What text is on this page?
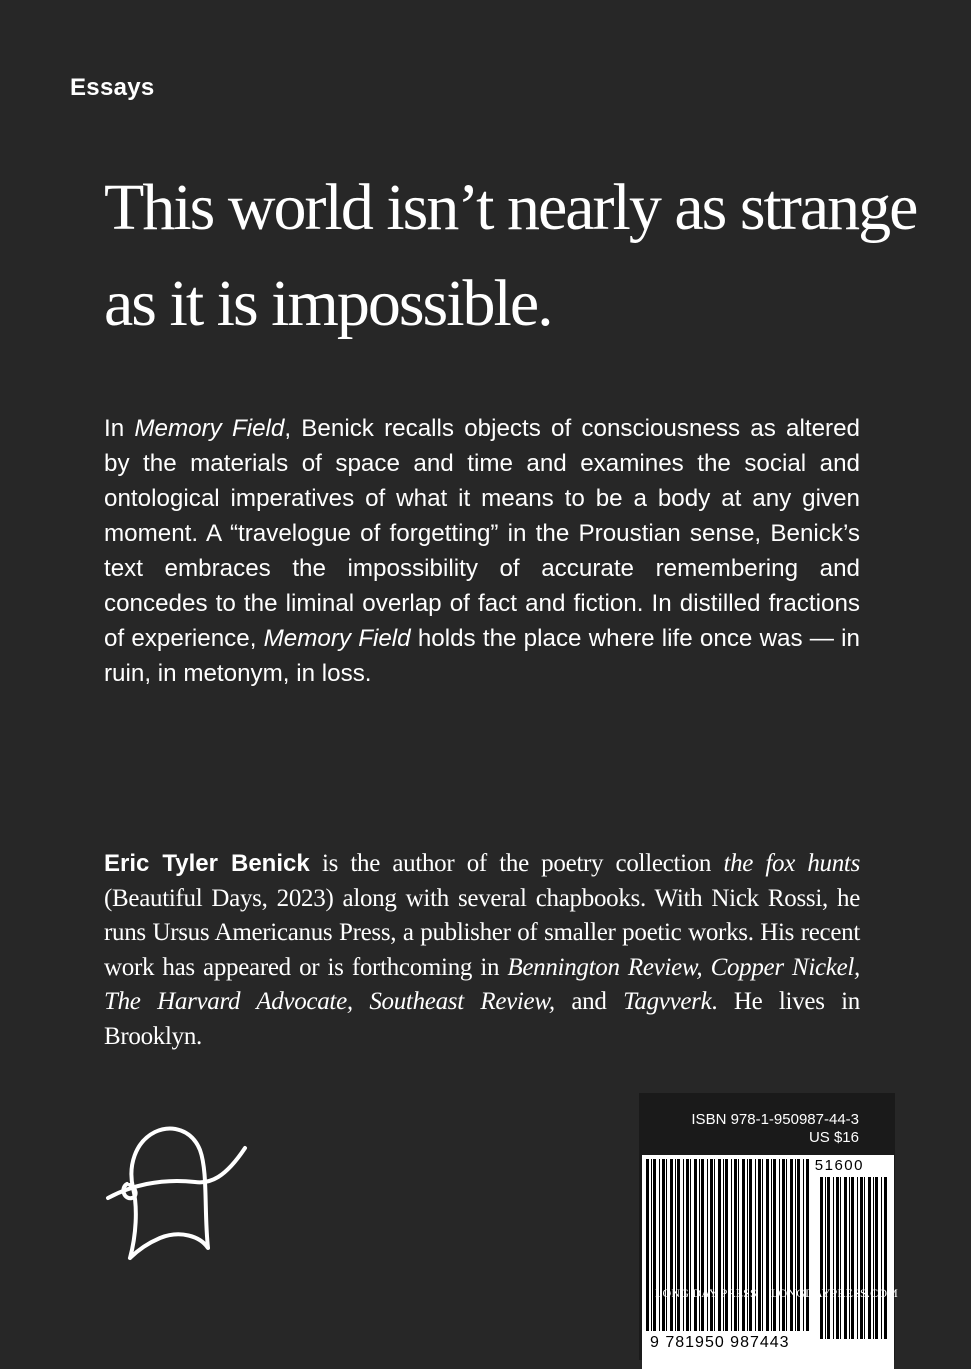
Essays
This world isn’t nearly as strange
as it is impossible.

In Memory Field, Benick recalls objects of consciousness as altered by the materials of space and time and examines the social and ontological imperatives of what it means to be a body at any given moment. A “travelogue of forgetting” in the Proustian sense, Benick’s text embraces the impossibility of accurate remembering and concedes to the liminal overlap of fact and fiction. In distilled fractions of experience, Memory Field holds the place where life once was — in ruin, in metonym, in loss.

Eric Tyler Benick is the author of the poetry collection the fox hunts (Beautiful Days, 2023) along with several chapbooks. With Nick Rossi, he runs Ursus Americanus Press, a publisher of smaller poetic works. His recent work has appeared or is forthcoming in Bennington Review, Copper Nickel, The Harvard Advocate, Southeast Review, and Tagvverk. He lives in Brooklyn.

ISBN 978-1-950987-44-3
US $16
51600
9 781950 987443
LONG DAY PRESS LONGDAYPRESS.COM
